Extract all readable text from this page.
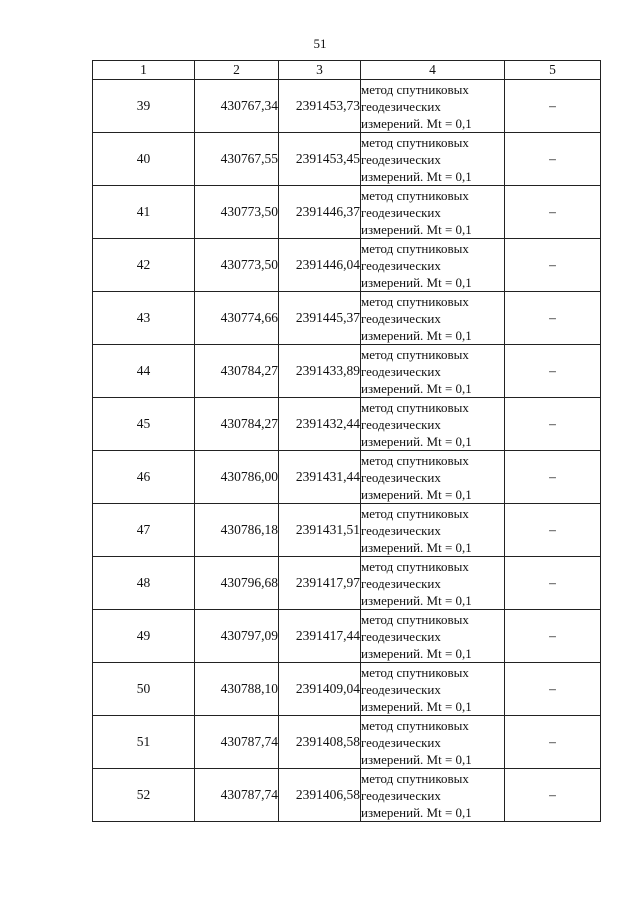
51
1	2	3	4	5
39	430767,34	2391453,73	метод спутниковых
геодезических
измерений. Mt = 0,1	–
40	430767,55	2391453,45	метод спутниковых
геодезических
измерений. Mt = 0,1	–
41	430773,50	2391446,37	метод спутниковых
геодезических
измерений. Mt = 0,1	–
42	430773,50	2391446,04	метод спутниковых
геодезических
измерений. Mt = 0,1	–
43	430774,66	2391445,37	метод спутниковых
геодезических
измерений. Mt = 0,1	–
44	430784,27	2391433,89	метод спутниковых
геодезических
измерений. Mt = 0,1	–
45	430784,27	2391432,44	метод спутниковых
геодезических
измерений. Mt = 0,1	–
46	430786,00	2391431,44	метод спутниковых
геодезических
измерений. Mt = 0,1	–
47	430786,18	2391431,51	метод спутниковых
геодезических
измерений. Mt = 0,1	–
48	430796,68	2391417,97	метод спутниковых
геодезических
измерений. Mt = 0,1	–
49	430797,09	2391417,44	метод спутниковых
геодезических
измерений. Mt = 0,1	–
50	430788,10	2391409,04	метод спутниковых
геодезических
измерений. Mt = 0,1	–
51	430787,74	2391408,58	метод спутниковых
геодезических
измерений. Mt = 0,1	–
52	430787,74	2391406,58	метод спутниковых
геодезических
измерений. Mt = 0,1	–
